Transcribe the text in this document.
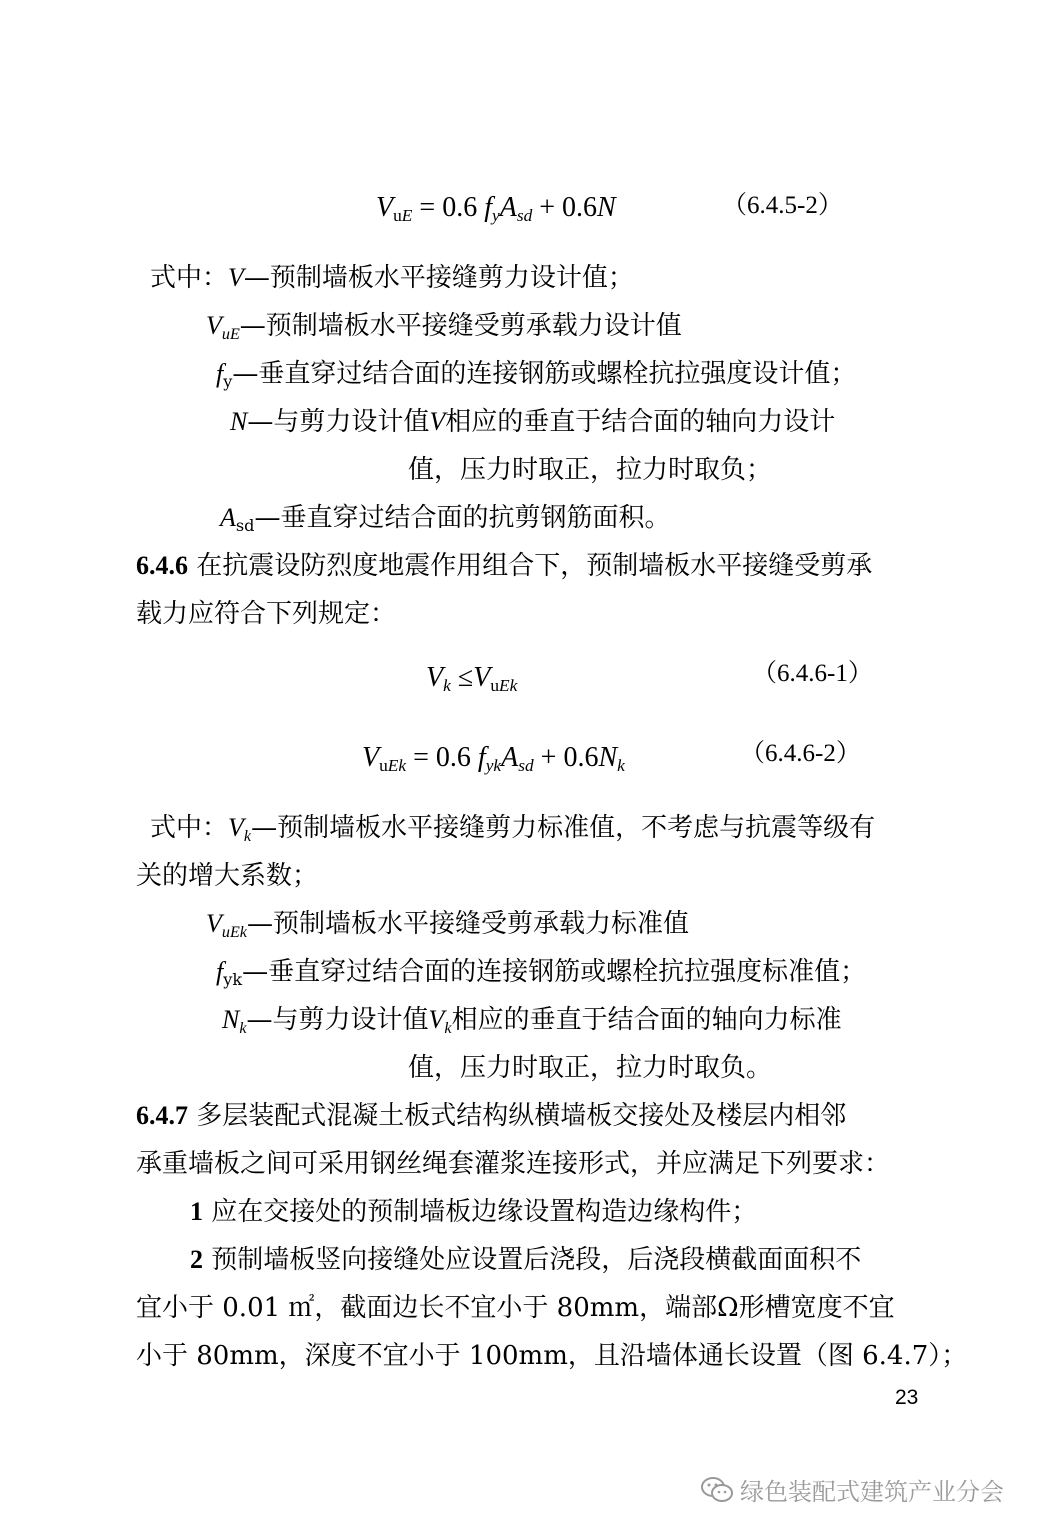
$V_{uE} = 0.6$ $f_yA_{sd} + 0.6N$	（6.4.5-2）
式中：V—预制墙板水平接缝剪力设计值；
$V_{uE}—$预制墙板水平接缝受剪承载力设计值
$f_y—$垂直穿过结合面的连接钢筋或螺栓抗拉强度设计值；
N—与剪力设计值V相应的垂直于结合面的轴向力设计
值，压力时取正，拉力时取负；
$A_{sd}—$垂直穿过结合面的抗剪钢筋面积。
6.4.6 在抗震设防烈度地震作用组合下，预制墙板水平接缝受剪承
载力应符合下列规定：
$V_k \le V_{uEk}$	（6.4.6-1）
$V_{uEk} = 0.6$ $f_{yk}A_{sd} + 0.6N_k$	（6.4.6-2）
式中：$V_k—$预制墙板水平接缝剪力标准值，不考虑与抗震等级有
关的增大系数；
$V_{uEk}—$预制墙板水平接缝受剪承载力标准值
$f_{yk}—$垂直穿过结合面的连接钢筋或螺栓抗拉强度标准值；
$N_k—$与剪力设计值$V_k$相应的垂直于结合面的轴向力标准
值，压力时取正，拉力时取负。
6.4.7 多层装配式混凝土板式结构纵横墙板交接处及楼层内相邻
承重墙板之间可采用钢丝绳套灌浆连接形式，并应满足下列要求：
1 应在交接处的预制墙板边缘设置构造边缘构件；
2 预制墙板竖向接缝处应设置后浇段，后浇段横截面面积不
宜小于 0.01 ㎡，截面边长不宜小于 80mm，端部Ω形槽宽度不宜
小于 80mm，深度不宜小于 100mm，且沿墙体通长设置（图 6.4.7）；
23
绿色装配式建筑产业分会
